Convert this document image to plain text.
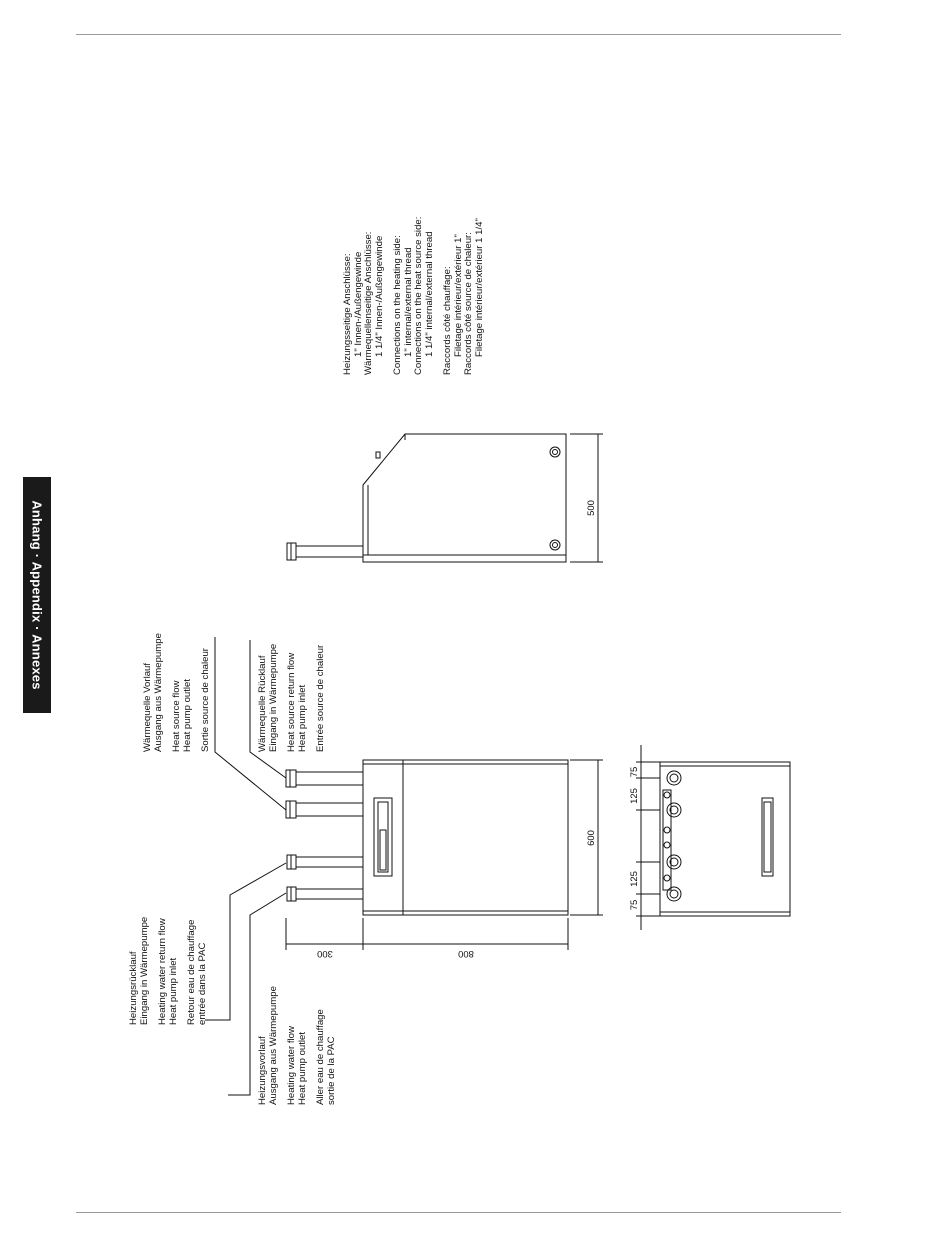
Anhang · Appendix · Annexes
Heizungsrücklauf Eingang in Wärmepumpe Heating water return flow Heat pump inlet Retour eau de chauffage entrée dans la PAC
Heizungsvorlauf Ausgang aus Wärmepumpe Heating water flow Heat pump outlet Aller eau de chauffage sortie de la PAC
Wärmequelle Vorlauf Ausgang aus Wärmepumpe Heat source flow Heat pump outlet Sortie source de chaleur	Wärmequelle Rücklauf Eingang in Wärmepumpe Heat source return flow Heat pump inlet Entrée source de chaleur
Heizungsseitige Anschlüsse: 1" Innen-/Außengewinde Wärmequellenseitige Anschlüsse: 1 1/4" Innen-/Außengewinde Connections on the heating side: 1" internal/external thread Connections on the heat source side: 1 1/4" internal/external thread Raccords côté chauffage: Filetage intérieur/extérieur 1" Raccords côté source de chaleur: Filetage intérieur/extérieur 1 1/4"
500
600
300	800
75
125
125
75
